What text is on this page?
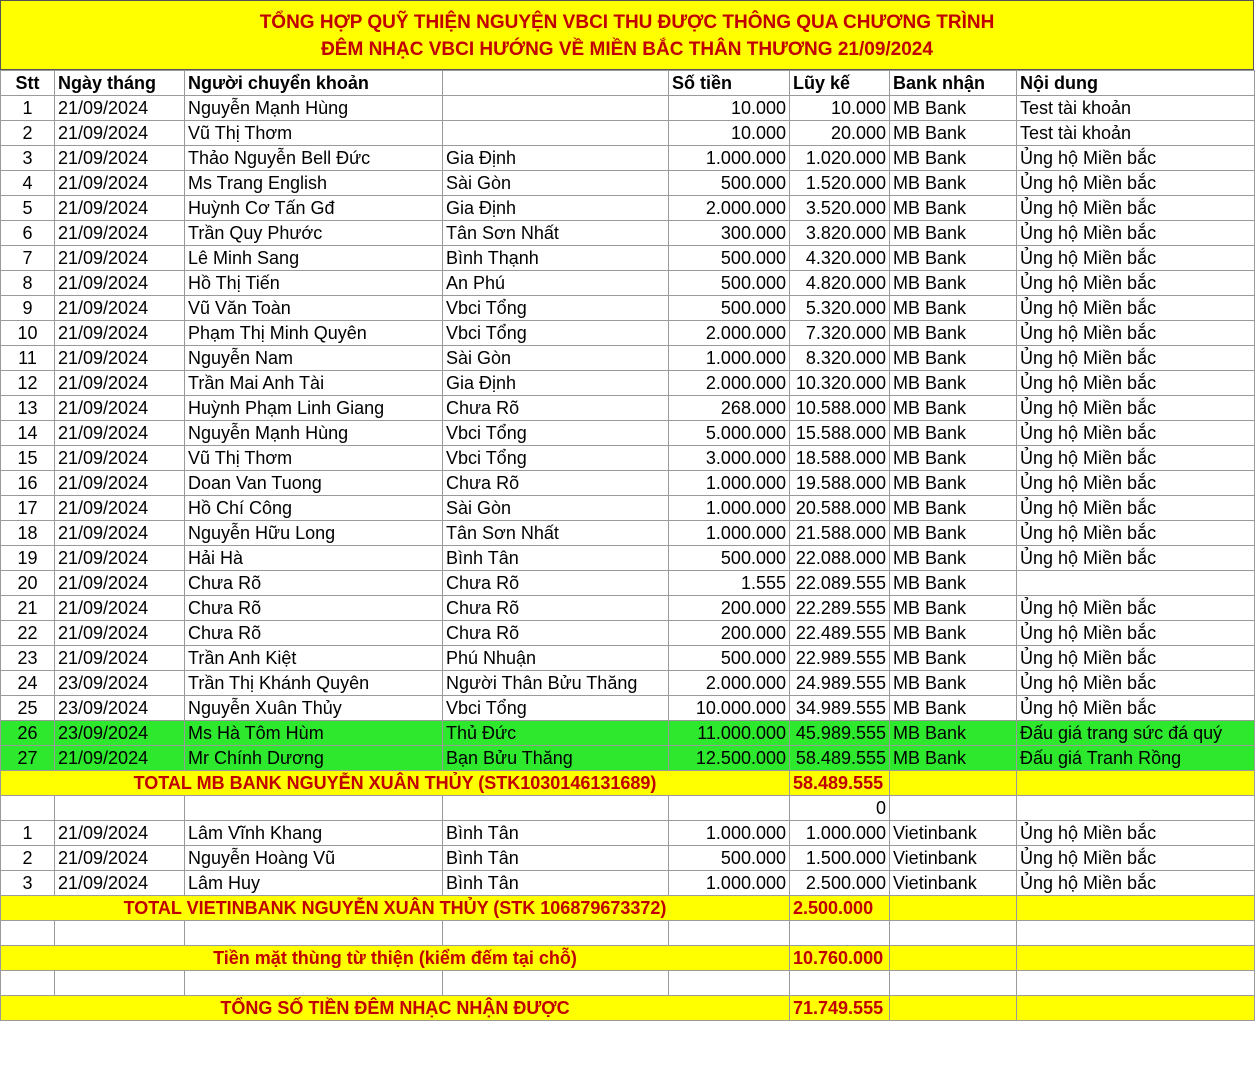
TỔNG HỢP QUỸ THIỆN NGUYỆN VBCI THU ĐƯỢC THÔNG QUA CHƯƠNG TRÌNH
ĐÊM NHẠC VBCI HƯỚNG VỀ MIỀN BẮC THÂN THƯƠNG 21/09/2024
Stt	Ngày tháng	Người chuyển khoản		Số tiền	Lũy kế	Bank nhận	Nội dung
1	21/09/2024	Nguyễn Mạnh Hùng		10.000	10.000	MB Bank	Test tài khoản
2	21/09/2024	Vũ Thị Thơm		10.000	20.000	MB Bank	Test tài khoản
3	21/09/2024	Thảo Nguyễn Bell Đức	Gia Định	1.000.000	1.020.000	MB Bank	Ủng hộ Miền bắc
4	21/09/2024	Ms Trang English	Sài Gòn	500.000	1.520.000	MB Bank	Ủng hộ Miền bắc
5	21/09/2024	Huỳnh Cơ Tấn Gđ	Gia Định	2.000.000	3.520.000	MB Bank	Ủng hộ Miền bắc
6	21/09/2024	Trần Quy Phước	Tân Sơn Nhất	300.000	3.820.000	MB Bank	Ủng hộ Miền bắc
7	21/09/2024	Lê Minh Sang	Bình Thạnh	500.000	4.320.000	MB Bank	Ủng hộ Miền bắc
8	21/09/2024	Hồ Thị Tiến	An Phú	500.000	4.820.000	MB Bank	Ủng hộ Miền bắc
9	21/09/2024	Vũ Văn Toàn	Vbci Tổng	500.000	5.320.000	MB Bank	Ủng hộ Miền bắc
10	21/09/2024	Phạm Thị Minh Quyên	Vbci Tổng	2.000.000	7.320.000	MB Bank	Ủng hộ Miền bắc
11	21/09/2024	Nguyễn Nam	Sài Gòn	1.000.000	8.320.000	MB Bank	Ủng hộ Miền bắc
12	21/09/2024	Trần Mai Anh Tài	Gia Định	2.000.000	10.320.000	MB Bank	Ủng hộ Miền bắc
13	21/09/2024	Huỳnh Phạm Linh Giang	Chưa Rõ	268.000	10.588.000	MB Bank	Ủng hộ Miền bắc
14	21/09/2024	Nguyễn Mạnh Hùng	Vbci Tổng	5.000.000	15.588.000	MB Bank	Ủng hộ Miền bắc
15	21/09/2024	Vũ Thị Thơm	Vbci Tổng	3.000.000	18.588.000	MB Bank	Ủng hộ Miền bắc
16	21/09/2024	Doan Van Tuong	Chưa Rõ	1.000.000	19.588.000	MB Bank	Ủng hộ Miền bắc
17	21/09/2024	Hồ Chí Công	Sài Gòn	1.000.000	20.588.000	MB Bank	Ủng hộ Miền bắc
18	21/09/2024	Nguyễn Hữu Long	Tân Sơn Nhất	1.000.000	21.588.000	MB Bank	Ủng hộ Miền bắc
19	21/09/2024	Hải Hà	Bình Tân	500.000	22.088.000	MB Bank	Ủng hộ Miền bắc
20	21/09/2024	Chưa Rõ	Chưa Rõ	1.555	22.089.555	MB Bank	
21	21/09/2024	Chưa Rõ	Chưa Rõ	200.000	22.289.555	MB Bank	Ủng hộ Miền bắc
22	21/09/2024	Chưa Rõ	Chưa Rõ	200.000	22.489.555	MB Bank	Ủng hộ Miền bắc
23	21/09/2024	Trần Anh Kiệt	Phú Nhuận	500.000	22.989.555	MB Bank	Ủng hộ Miền bắc
24	23/09/2024	Trần Thị Khánh Quyên	Người Thân Bửu Thăng	2.000.000	24.989.555	MB Bank	Ủng hộ Miền bắc
25	23/09/2024	Nguyễn Xuân Thủy	Vbci Tổng	10.000.000	34.989.555	MB Bank	Ủng hộ Miền bắc
26	23/09/2024	Ms Hà Tôm Hùm	Thủ Đức	11.000.000	45.989.555	MB Bank	Đấu giá trang sức đá quý
27	21/09/2024	Mr Chính Dương	Bạn Bửu Thăng	12.500.000	58.489.555	MB Bank	Đấu giá Tranh Rồng
TOTAL MB BANK NGUYỄN XUÂN THỦY (STK1030146131689)					58.489.555		
					0		
1	21/09/2024	Lâm Vĩnh Khang	Bình Tân	1.000.000	1.000.000	Vietinbank	Ủng hộ Miền bắc
2	21/09/2024	Nguyễn Hoàng Vũ	Bình Tân	500.000	1.500.000	Vietinbank	Ủng hộ Miền bắc
3	21/09/2024	Lâm Huy	Bình Tân	1.000.000	2.500.000	Vietinbank	Ủng hộ Miền bắc
TOTAL VIETINBANK NGUYỄN XUÂN THỦY (STK 106879673372)					2.500.000		

Tiền mặt thùng từ thiện (kiểm đếm tại chỗ)					10.760.000		

TỔNG SỐ TIỀN ĐÊM NHẠC NHẬN ĐƯỢC					71.749.555		
